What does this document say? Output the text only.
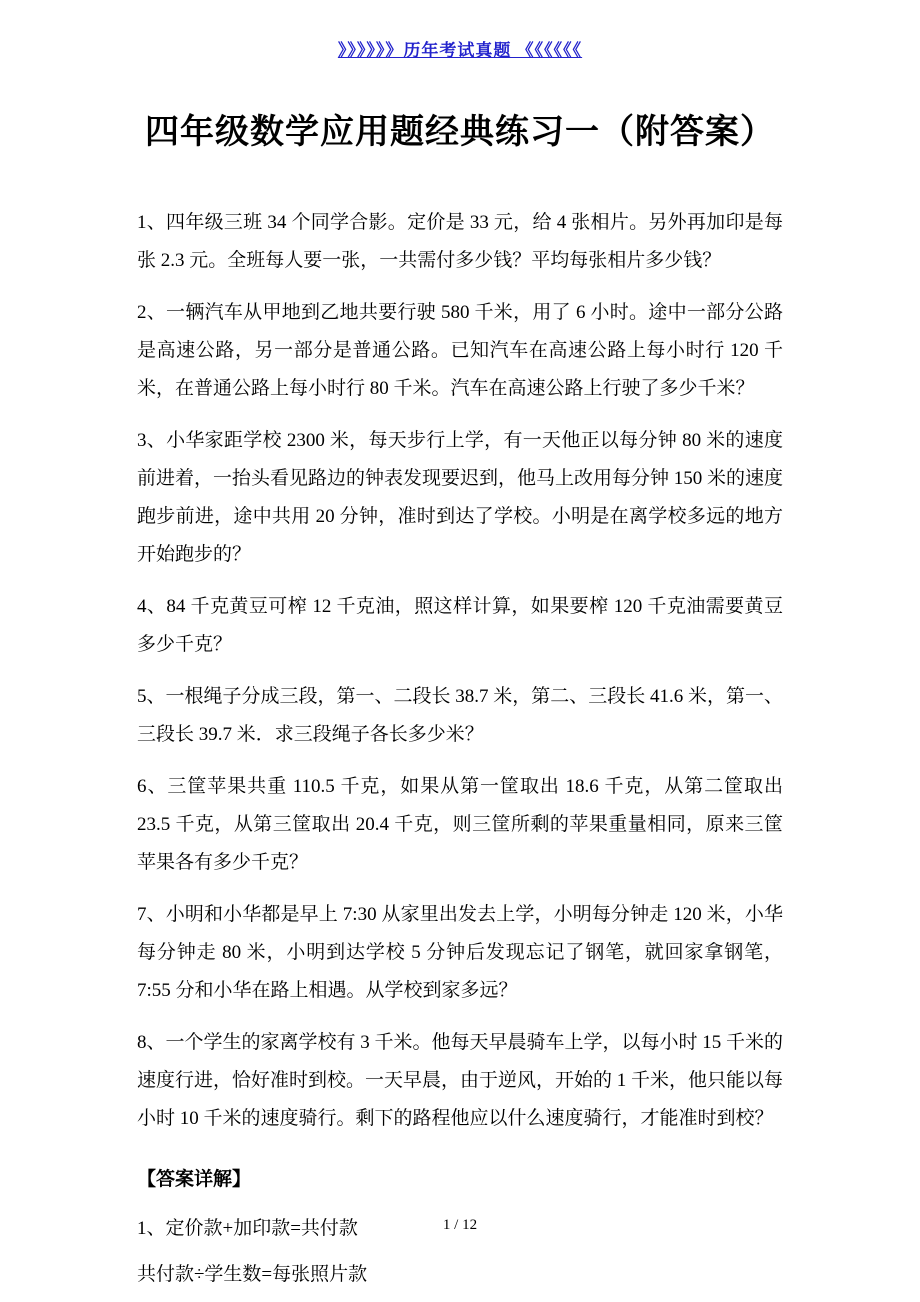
》》》》》》历年考试真题 《《《《《《
四年级数学应用题经典练习一（附答案）

1、四年级三班 34 个同学合影。定价是 33 元，给 4 张相片。另外再加印是每张 2.3 元。全班每人要一张，一共需付多少钱？平均每张相片多少钱？

2、一辆汽车从甲地到乙地共要行驶 580 千米，用了 6 小时。途中一部分公路是高速公路，另一部分是普通公路。已知汽车在高速公路上每小时行 120 千米，在普通公路上每小时行 80 千米。汽车在高速公路上行驶了多少千米？

3、小华家距学校 2300 米，每天步行上学，有一天他正以每分钟 80 米的速度前进着，一抬头看见路边的钟表发现要迟到，他马上改用每分钟 150 米的速度跑步前进，途中共用 20 分钟，准时到达了学校。小明是在离学校多远的地方开始跑步的？

4、84 千克黄豆可榨 12 千克油，照这样计算，如果要榨 120 千克油需要黄豆多少千克？

5、一根绳子分成三段，第一、二段长 38.7 米，第二、三段长 41.6 米，第一、三段长 39.7 米．求三段绳子各长多少米？

6、三筐苹果共重 110.5 千克，如果从第一筐取出 18.6 千克，从第二筐取出 23.5 千克，从第三筐取出 20.4 千克，则三筐所剩的苹果重量相同，原来三筐苹果各有多少千克？

7、小明和小华都是早上 7:30 从家里出发去上学，小明每分钟走 120 米，小华每分钟走 80 米，小明到达学校 5 分钟后发现忘记了钢笔，就回家拿钢笔，7:55 分和小华在路上相遇。从学校到家多远？

8、一个学生的家离学校有 3 千米。他每天早晨骑车上学，以每小时 15 千米的速度行进，恰好准时到校。一天早晨，由于逆风，开始的 1 千米，他只能以每小时 10 千米的速度骑行。剩下的路程他应以什么速度骑行，才能准时到校？

【答案详解】

1、定价款+加印款=共付款

共付款÷学生数=每张照片款

1 / 12
